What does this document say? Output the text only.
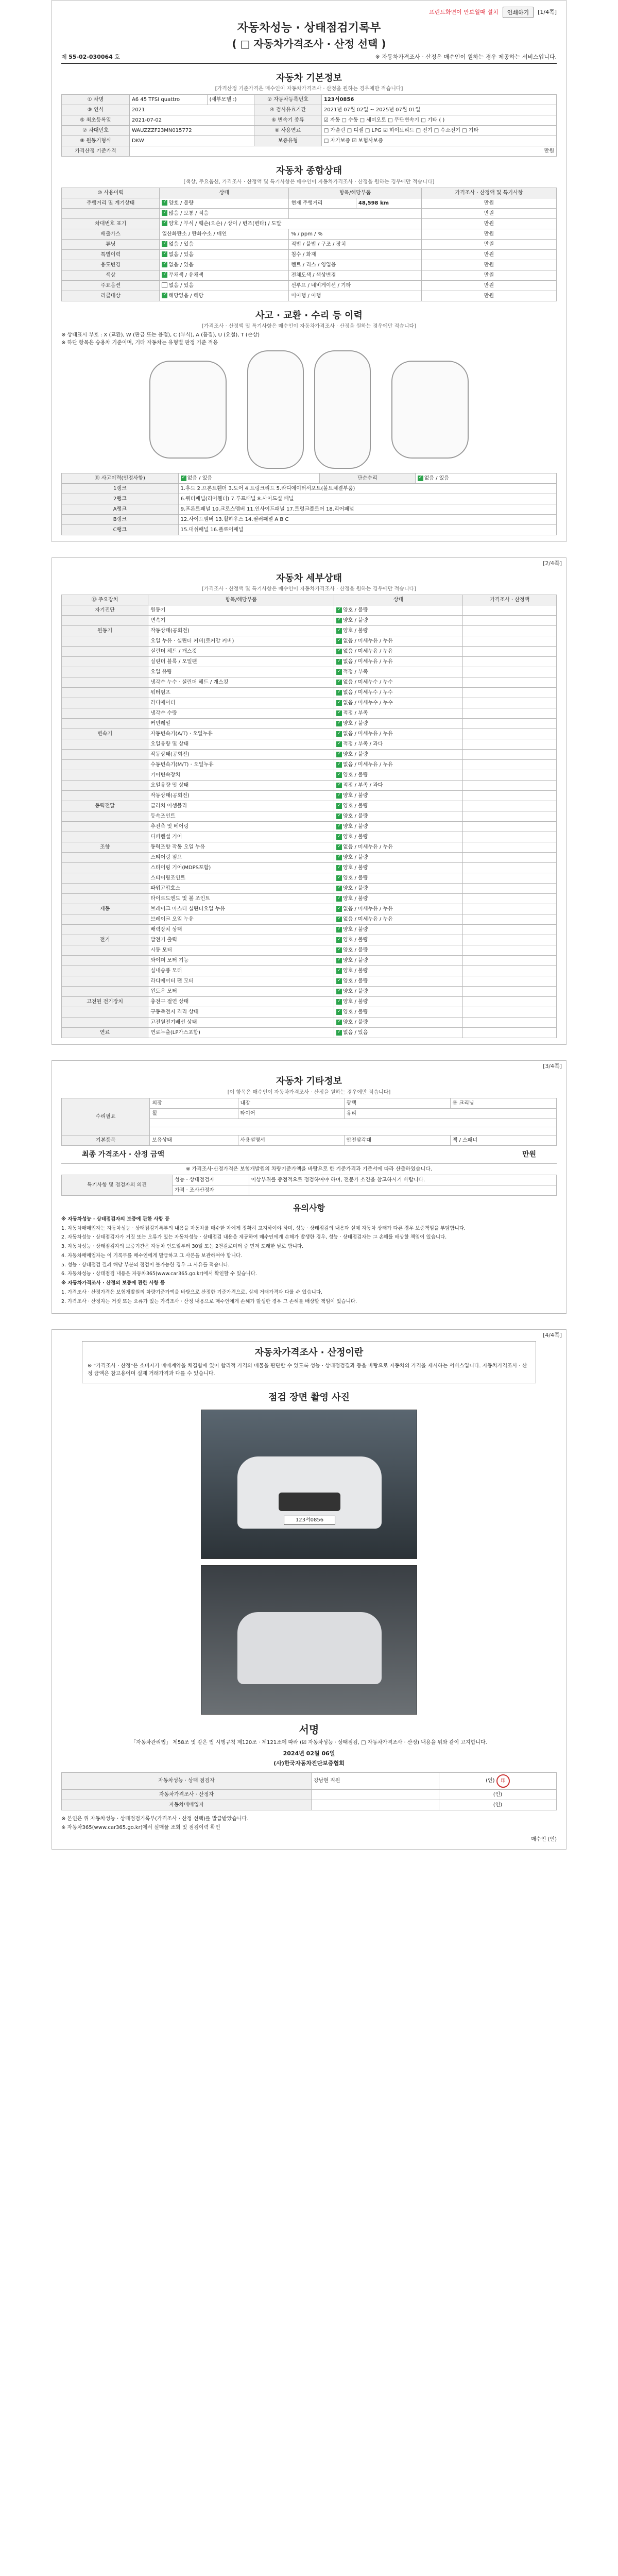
프린트화면이 안보일때 설치	인쇄하기	[1/4쪽]
자동차성능 · 상태점검기록부
( □ 자동차가격조사 · 산정 선택 )
제 55-02-030064 호	※ 자동차가격조사 · 산정은 매수인이 원하는 경우 제공하는 서비스입니다.
자동차 기본정보
[가격산정 기준가격은 매수인이 자동차가격조사 · 산정을 원하는 경우에만 적습니다]
① 차명	A6 45 TFSI quattro	(세부모델 :)	② 자동차등록번호	123서0856
③ 연식	2021		④ 검사유효기간	2021년 07월 02일 ~ 2025년 07월 01일
⑤ 최초등록일	2021-07-02		⑥ 변속기 종류	☑ 자동 □ 수동 □ 세미오토 □ 무단변속기 □ 기타 ( )
⑦ 차대번호	WAUZZZF23MN015772		⑧ 사용연료	□ 가솔린 □ 디젤 □ LPG ☑ 하이브리드 □ 전기 □ 수소전기 □ 기타
⑨ 원동기형식	DKW		보증유형	□ 자가보증 ☑ 보험사보증
가격산정 기준가격	만원			
자동차 종합상태
[색상, 주요옵션, 가격조사 · 산정액 및 특기사항은 매수인이 자동차가격조사 · 산정을 원하는 경우에만 적습니다]
⑩ 사용이력	상태	항목/해당부품		가격조사 · 산정액 및 특기사항
주행거리 및 계기상태	✓양호 / 불량	현재 주행거리	48,598 km	만원
	✓많음 / 보통 / 적음			만원
차대번호 표기	✓양호 / 부식 / 훼손(오손) / 상이 / 변조(변타) / 도말			만원
배출가스	일산화탄소 / 탄화수소 / 매연	% / ppm / %		만원
튜닝	✓없음 / 있음	적법 / 불법 / 구조 / 장치		만원
특별이력	✓없음 / 있음	침수 / 화재		만원
용도변경	✓없음 / 있음	렌트 / 리스 / 영업용		만원
색상	✓무채색 / 유채색	전체도색 / 색상변경		만원
주요옵션	없음 / 있음	선루프 / 네비게이션 / 기타		만원
리콜대상	✓해당없음 / 해당	미이행 / 이행		만원
사고 · 교환 · 수리 등 이력
[가격조사 · 산정액 및 특기사항은 매수인이 자동차가격조사 · 산정을 원하는 경우에만 적습니다]
※ 상태표시 부호 : X (교환), W (판금 또는 용접), C (부식), A (흠집), U (요철), T (손상)
※ 하단 항목은 승용차 기준이며, 기타 자동차는 유형별 판정 기준 적용
⑪ 사고이력(인정사항)	✓없음 / 있음	단순수리	✓없음 / 있음
1랭크	1.후드 2.프론트휀더 3.도어 4.트렁크리드 5.라디에이터서포트(볼트체결부품)		
2랭크	6.쿼터패널(리어휀더) 7.루프패널 8.사이드실 패널		
A랭크	9.프론트패널 10.크로스멤버 11.인사이드패널 17.트렁크플로어 18.리어패널		
B랭크	12.사이드멤버 13.휠하우스 14.필러패널 A B C		
C랭크	15.대쉬패널 16.플로어패널		
[2/4쪽]
자동차 세부상태
[가격조사 · 산정액 및 특기사항은 매수인이 자동차가격조사 · 산정을 원하는 경우에만 적습니다]
⑬ 주요장치	항목/해당부품	상태	가격조사 · 산정액
자기진단	원동기	✓양호 / 불량	
	변속기	✓양호 / 불량	
원동기	작동상태(공회전)	✓양호 / 불량	
	오일 누유 · 실린더 커버(로커암 커버)	✓없음 / 미세누유 / 누유	
	실린더 헤드 / 개스킷	✓없음 / 미세누유 / 누유	
	실린더 블록 / 오일팬	✓없음 / 미세누유 / 누유	
	오일 유량	✓적정 / 부족	
	냉각수 누수 · 실린더 헤드 / 개스킷	✓없음 / 미세누수 / 누수	
	워터펌프	✓없음 / 미세누수 / 누수	
	라디에이터	✓없음 / 미세누수 / 누수	
	냉각수 수량	✓적정 / 부족	
	커먼레일	✓양호 / 불량	
변속기	자동변속기(A/T) · 오일누유	✓없음 / 미세누유 / 누유	
	오일유량 및 상태	✓적정 / 부족 / 과다	
	작동상태(공회전)	✓양호 / 불량	
	수동변속기(M/T) · 오일누유	✓없음 / 미세누유 / 누유	
	기어변속장치	✓양호 / 불량	
	오일유량 및 상태	✓적정 / 부족 / 과다	
	작동상태(공회전)	✓양호 / 불량	
동력전달	클러치 어셈블리	✓양호 / 불량	
	등속조인트	✓양호 / 불량	
	추진축 및 베어링	✓양호 / 불량	
	디퍼렌셜 기어	✓양호 / 불량	
조향	동력조향 작동 오일 누유	✓없음 / 미세누유 / 누유	
	스티어링 펌프	✓양호 / 불량	
	스티어링 기어(MDPS포함)	✓양호 / 불량	
	스티어링조인트	✓양호 / 불량	
	파워고압호스	✓양호 / 불량	
	타이로드엔드 및 볼 조인트	✓양호 / 불량	
제동	브레이크 마스터 실린더오일 누유	✓없음 / 미세누유 / 누유	
	브레이크 오일 누유	✓없음 / 미세누유 / 누유	
	배력장치 상태	✓양호 / 불량	
전기	발전기 출력	✓양호 / 불량	
	시동 모터	✓양호 / 불량	
	와이퍼 모터 기능	✓양호 / 불량	
	실내송풍 모터	✓양호 / 불량	
	라디에이터 팬 모터	✓양호 / 불량	
	윈도우 모터	✓양호 / 불량	
고전원 전기장치	충전구 절연 상태	✓양호 / 불량	
	구동축전지 격리 상태	✓양호 / 불량	
	고전원전기배선 상태	✓양호 / 불량	
연료	연료누출(LP가스포함)	✓없음 / 있음	
[3/4쪽]
자동차 기타정보
[이 항목은 매수인이 자동차가격조사 · 산정을 원하는 경우에만 적습니다]
수리필요	외장	내장	광택	룸 크리닝
	휠	타이어	유리	

기본품목	보유상태	사용설명서	안전삼각대	잭 / 스패너
최종 가격조사 · 산정 금액	만원
※ 가격조사·산정가격은 보험개발원의 차량기준가액을 바탕으로 한 기준가격과 기준서에 따라 산출하였습니다.
특기사항 및 점검자의 의견	성능 · 상태점검자	이상부위를 중점적으로 점검하여야 하며, 전문가 소견을 참고하시기 바랍니다.
	가격 · 조사산정자	
유의사항

※ 자동차성능 · 상태점검자의 보증에 관한 사항 등

1. 자동차매매업자는 자동차성능 · 상태점검기록부의 내용을 자동차를 매수한 자에게 정확히 고지하여야 하며, 성능 · 상태점검의 내용과 실제 자동차 상태가 다른 경우 보증책임을 부담합니다.

2. 자동차성능 · 상태점검자가 거짓 또는 오류가 있는 자동차성능 · 상태점검 내용을 제공하여 매수인에게 손해가 발생한 경우, 성능 · 상태점검자는 그 손해를 배상할 책임이 있습니다.

3. 자동차성능 · 상태점검자의 보증기간은 자동차 인도일부터 30일 또는 2천킬로미터 중 먼저 도래한 날로 합니다.

4. 자동차매매업자는 이 기록부를 매수인에게 발급하고 그 사본을 보관하여야 합니다.

5. 성능 · 상태점검 결과 해당 부분의 점검이 불가능한 경우 그 사유를 적습니다.

6. 자동차성능 · 상태점검 내용은 자동차365(www.car365.go.kr)에서 확인할 수 있습니다.

※ 자동차가격조사 · 산정의 보증에 관한 사항 등

1. 가격조사 · 산정가격은 보험개발원의 차량기준가액을 바탕으로 산정한 기준가격으로, 실제 거래가격과 다를 수 있습니다.

2. 가격조사 · 산정자는 거짓 또는 오류가 있는 가격조사 · 산정 내용으로 매수인에게 손해가 발생한 경우 그 손해를 배상할 책임이 있습니다.

[4/4쪽]
자동차가격조사 · 산정이란
※ "가격조사 · 산정"은 소비자가 매매계약을 체결함에 있어 합리적 가격의 매물을 판단할 수 있도록 성능 · 상태점검결과 등을 바탕으로 자동차의 가격을 제시하는 서비스입니다. 자동차가격조사 · 산정 금액은 참고용이며 실제 거래가격과 다를 수 있습니다.
점검 장면 촬영 사진
123서0856
서명
「자동차관리법」 제58조 및 같은 법 시행규칙 제120조 · 제121조에 따라 (☑ 자동차성능 · 상태점검, □ 자동차가격조사 · 산정) 내용을 위와 같이 고지합니다.
2024년 02월 06일
(사)한국자동차진단보증협회
자동차성능 · 상태 점검자	강남현 직원	(인) 印
자동차가격조사 · 산정자		(인)
자동차매매업자		(인)
※ 본인은 위 자동차성능 · 상태점검기록부(가격조사 · 산정 선택)를 발급받았습니다.
※ 자동차365(www.car365.go.kr)에서 실매물 조회 및 점검이력 확인
매수인 (인)
